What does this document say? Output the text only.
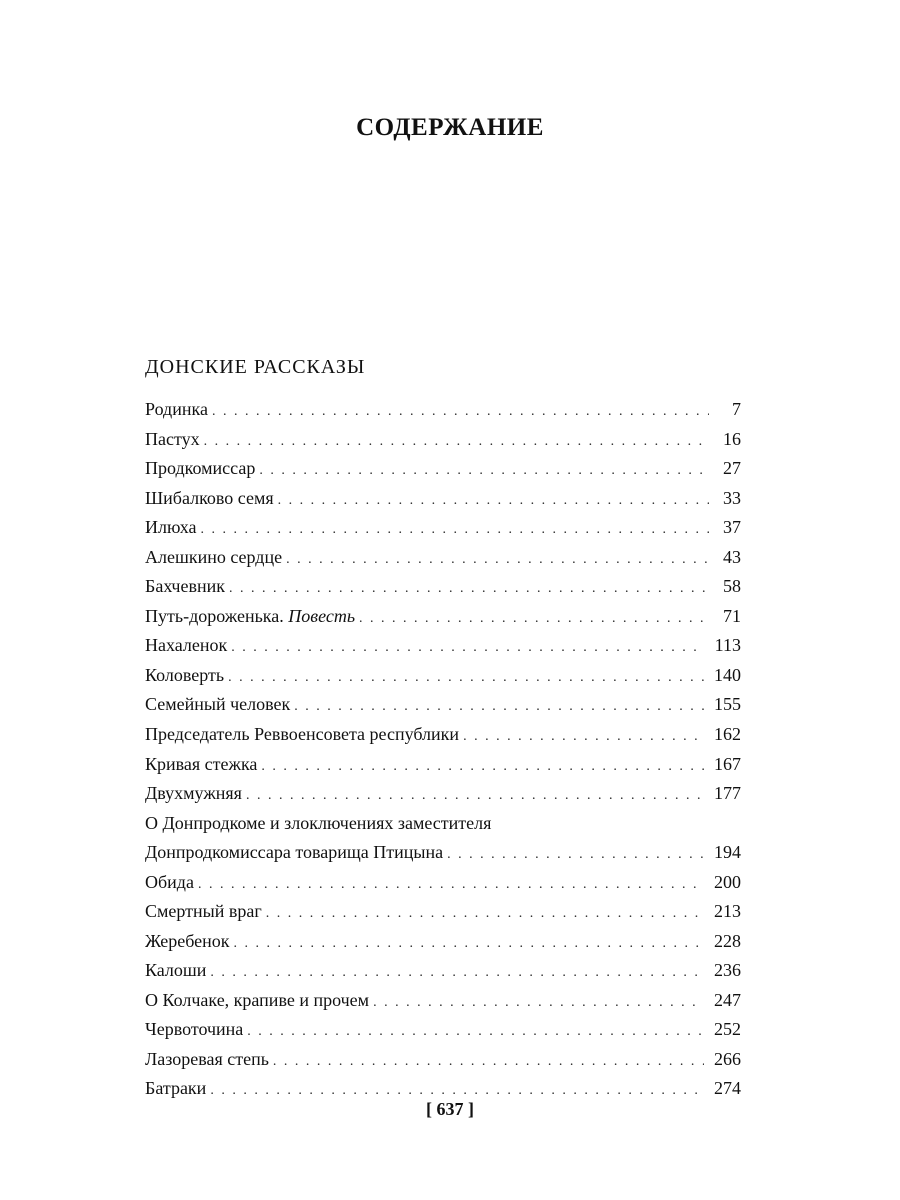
СОДЕРЖАНИЕ
ДОНСКИЕ РАССКАЗЫ
Родинка . . .	7
Пастух . . .	16
Продкомиссар . . .	27
Шибалково семя . . .	33
Илюха . . .	37
Алешкино сердце . . .	43
Бахчевник . . .	58
Путь-дороженька. Повесть . . .	71
Нахаленок . . .	113
Коловерть . . .	140
Семейный человек . . .	155
Председатель Реввоенсовета республики . . .	162
Кривая стежка . . .	167
Двухмужняя . . .	177
О Донпродкоме и злоключениях заместителя
Донпродкомиссара товарища Птицына . . .	194
Обида . . .	200
Смертный враг . . .	213
Жеребенок . . .	228
Калоши . . .	236
О Колчаке, крапиве и прочем . . .	247
Червоточина . . .	252
Лазоревая степь . . .	266
Батраки . . .	274
[ 637 ]
